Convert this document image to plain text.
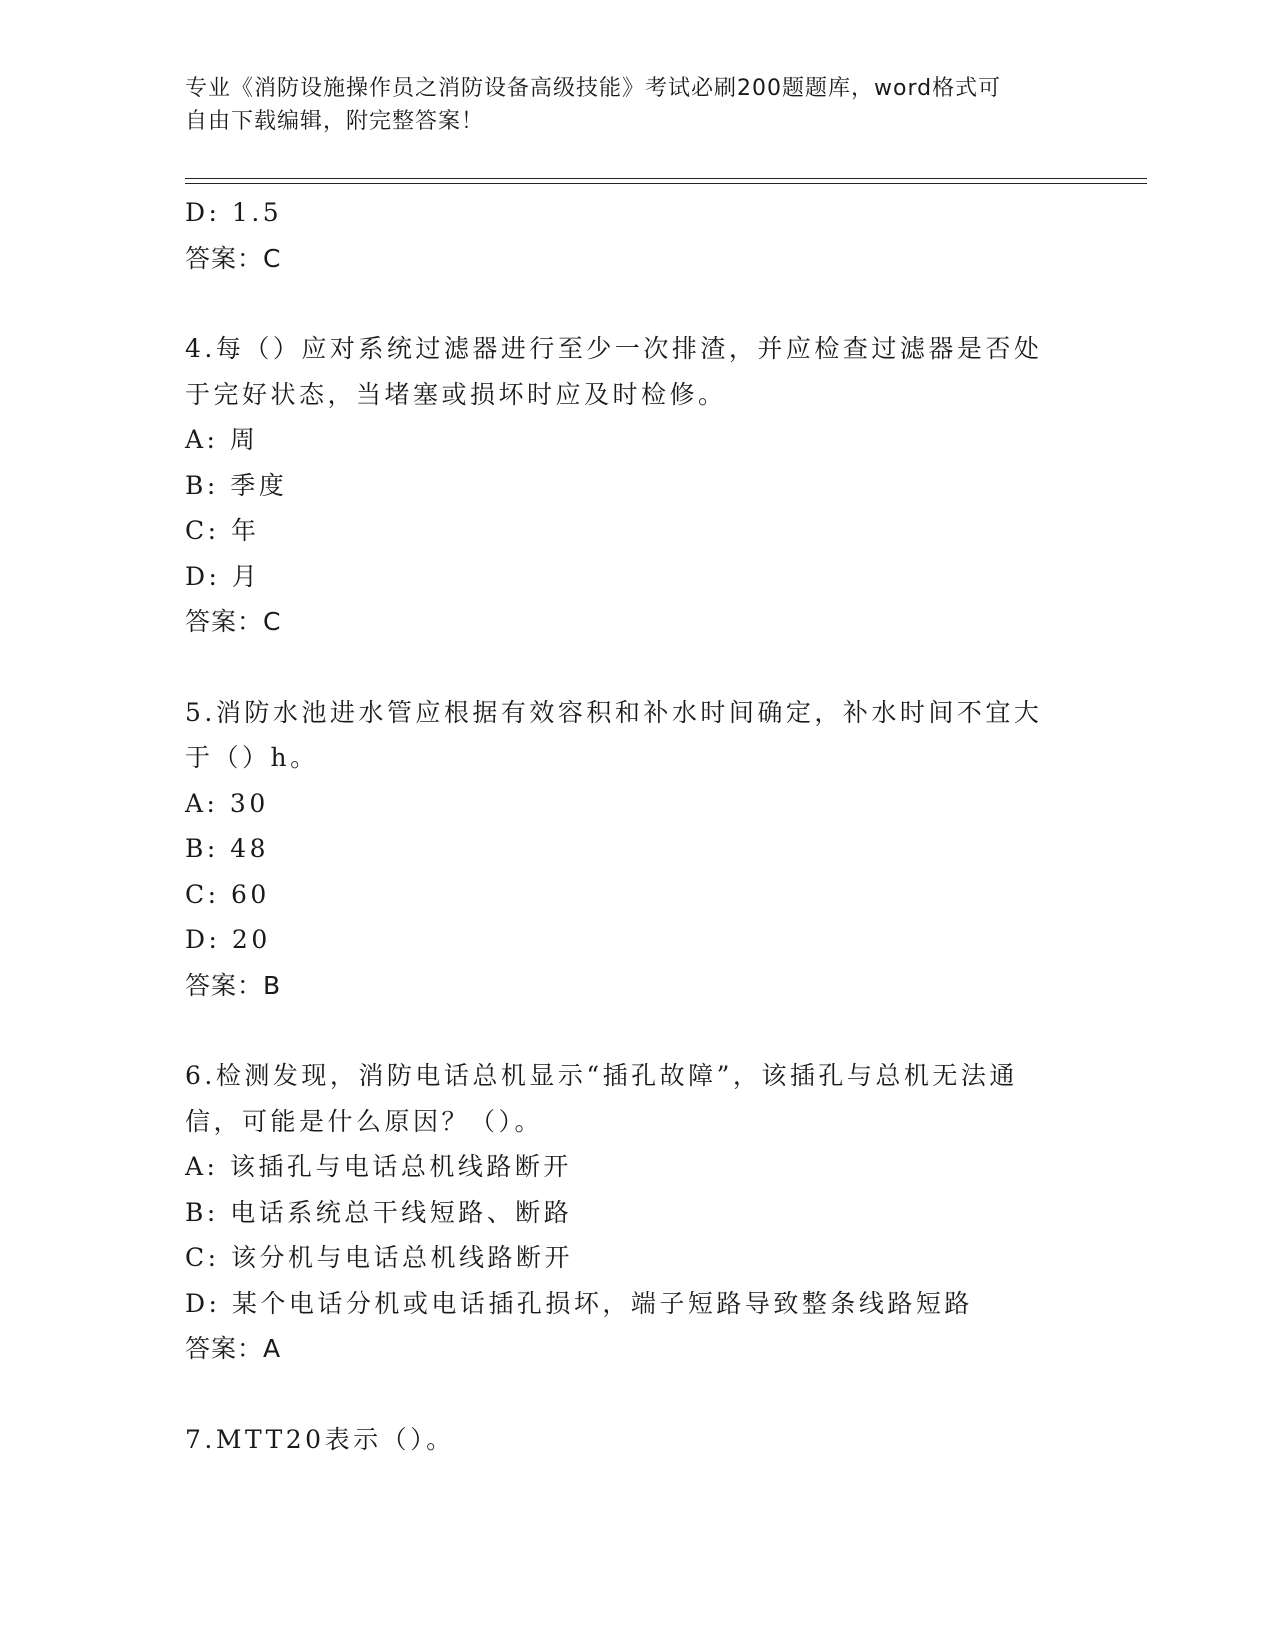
专业《消防设施操作员之消防设备高级技能》考试必刷200题题库，word格式可
自由下载编辑，附完整答案！
D: 1.5
答案：C
4.每（）应对系统过滤器进行至少一次排渣，并应检查过滤器是否处
于完好状态，当堵塞或损坏时应及时检修。
A: 周
B: 季度
C: 年
D: 月
答案：C
5.消防水池进水管应根据有效容积和补水时间确定，补水时间不宜大
于（）h。
A: 30
B: 48
C: 60
D: 20
答案：B
6.检测发现，消防电话总机显示“插孔故障”，该插孔与总机无法通
信，可能是什么原因？（）。
A: 该插孔与电话总机线路断开
B: 电话系统总干线短路、断路
C: 该分机与电话总机线路断开
D: 某个电话分机或电话插孔损坏，端子短路导致整条线路短路
答案：A
7.MTT20表示（）。
